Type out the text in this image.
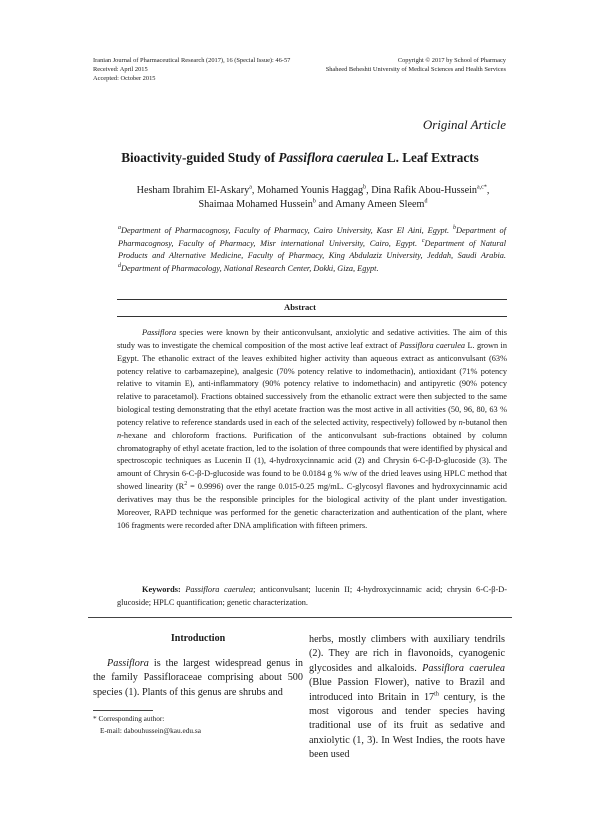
Iranian Journal of Pharmaceutical Research (2017), 16 (Special Issue): 46-57
Received: April 2015
Accepted: October 2015
Copyright © 2017 by School of Pharmacy
Shaheed Beheshti University of Medical Sciences and Health Services
Original Article
Bioactivity-guided Study of Passiflora caerulea L. Leaf Extracts
Hesham Ibrahim El-Askary$^a$, Mohamed Younis Haggag$^b$, Dina Rafik Abou-Hussein$^{a,c*}$, Shaimaa Mohamed Hussein$^b$ and Amany Ameen Sleem$^d$
$^a$Department of Pharmacognosy, Faculty of Pharmacy, Cairo University, Kasr El Aini, Egypt. $^b$Department of Pharmacognosy, Faculty of Pharmacy, Misr international University, Cairo, Egypt. $^c$Department of Natural Products and Alternative Medicine, Faculty of Pharmacy, King Abdulaziz University, Jeddah, Saudi Arabia. $^d$Department of Pharmacology, National Research Center, Dokki, Giza, Egypt.
Abstract
Passiflora species were known by their anticonvulsant, anxiolytic and sedative activities. The aim of this study was to investigate the chemical composition of the most active leaf extract of Passiflora caerulea L. grown in Egypt. The ethanolic extract of the leaves exhibited higher activity than aqueous extract as anticonvulsant (63% potency relative to carbamazepine), analgesic (70% potency relative to indomethacin), antioxidant (71% potency relative to vitamin E), anti-inflammatory (90% potency relative to indomethacin) and antipyretic (90% potency relative to paracetamol). Fractions obtained successively from the ethanolic extract were then subjected to the same biological testing demonstrating that the ethyl acetate fraction was the most active in all activities (50, 96, 80, 63 % potency relative to reference standards used in each of the selected activity, respectively) followed by n-butanol then n-hexane and chloroform fractions. Purification of the anticonvulsant sub-fractions obtained by column chromatography of ethyl acetate fraction, led to the isolation of three compounds that were identified by physical and spectroscopic techniques as Lucenin II (1), 4-hydroxycinnamic acid (2) and Chrysin 6-C-β-D-glucoside (3). The amount of Chrysin 6-C-β-D-glucoside was found to be 0.0184 g % w/w of the dried leaves using HPLC method that showed linearity $(R^2 = 0.9996)$ over the range 0.015-0.25 mg/mL. C-glycosyl flavones and hydroxycinnamic acid derivatives may thus be the responsible principles for the biological activity of the plant under investigation. Moreover, RAPD technique was performed for the genetic characterization and authentication of the plant, where 106 fragments were recorded after DNA amplification with fifteen primers.
Keywords: Passiflora caerulea; anticonvulsant; lucenin II; 4-hydroxycinnamic acid; chrysin 6-C-β-D-glucoside; HPLC quantification; genetic characterization.
Introduction
Passiflora is the largest widespread genus in the family Passifloraceae comprising about 500 species (1). Plants of this genus are shrubs and
* Corresponding author:
E-mail: dabouhussein@kau.edu.sa
herbs, mostly climbers with auxiliary tendrils (2). They are rich in flavonoids, cyanogenic glycosides and alkaloids. Passiflora caerulea (Blue Passion Flower), native to Brazil and introduced into Britain in 17th century, is the most vigorous and tender species having traditional use of its fruit as sedative and anxiolytic (1, 3). In West Indies, the roots have been used
